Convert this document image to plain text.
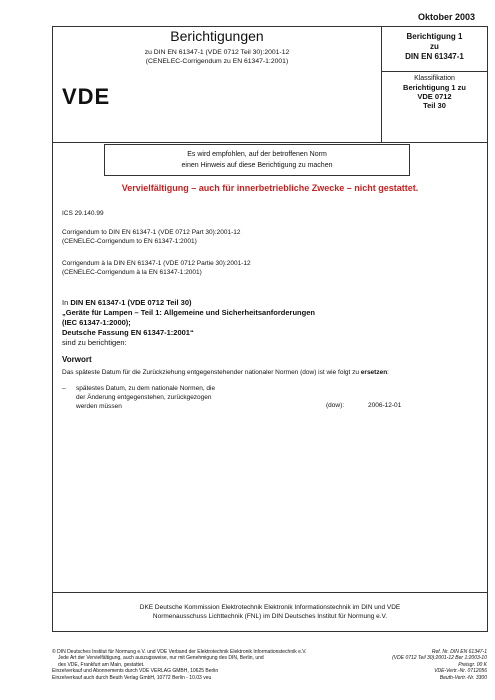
Oktober 2003
Berichtigungen
zu DIN EN 61347-1 (VDE 0712 Teil 30):2001-12
(CENELEC-Corrigendum zu EN 61347-1:2001)
Berichtigung 1
zu
DIN EN 61347-1
VDE
Klassifikation
Berichtigung 1 zu
VDE 0712
Teil 30
Es wird empfohlen, auf der betroffenen Norm
einen Hinweis auf diese Berichtigung zu machen
Vervielfältigung – auch für innerbetriebliche Zwecke – nicht gestattet.
ICS 29.140.99
Corrigendum to DIN EN 61347-1 (VDE 0712 Part 30):2001-12
(CENELEC-Corrigendum to EN 61347-1:2001)
Corrigendum à la DIN EN 61347-1 (VDE 0712 Partie 30):2001-12
(CENELEC-Corrigendum à la EN 61347-1:2001)
In DIN EN 61347-1 (VDE 0712 Teil 30)
„Geräte für Lampen – Teil 1: Allgemeine und Sicherheitsanforderungen
(IEC 61347-1:2000);
Deutsche Fassung EN 61347-1:2001“
sind zu berichtigen:
Vorwort
Das späteste Datum für die Zurückziehung entgegenstehender nationaler Normen (dow) ist wie folgt zu ersetzen:
– spätestes Datum, zu dem nationale Normen, die
der Änderung entgegenstehen, zurückgezogen
werden müssen	(dow):	2006-12-01
DKE Deutsche Kommission Elektrotechnik Elektronik Informationstechnik im DIN und VDE
Normenausschuss Lichttechnik (FNL) im DIN Deutsches Institut für Normung e.V.
© DIN Deutsches Institut für Normung e.V. und VDE Verband der Elektrotechnik Elektronik Informationstechnik e.V.
Jede Art der Vervielfältigung, auch auszugsweise, nur mit Genehmigung des DIN, Berlin, und
des VDE, Frankfurt am Main, gestattet.
Einzelverkauf und Abonnements durch VDE VERLAG GMBH, 10625 Berlin
Einzelverkauf auch durch Beuth Verlag GmbH, 10772 Berlin - 10.03 veu
Ref. Nr. DIN EN 61347-1
(VDE 0712 Teil 30):2001-12 Ber 1:2003-10
Preisgr. 00 K
VDE-Vertr.-Nr. 0712056
Beuth-Vertr.-Nr. 3300
